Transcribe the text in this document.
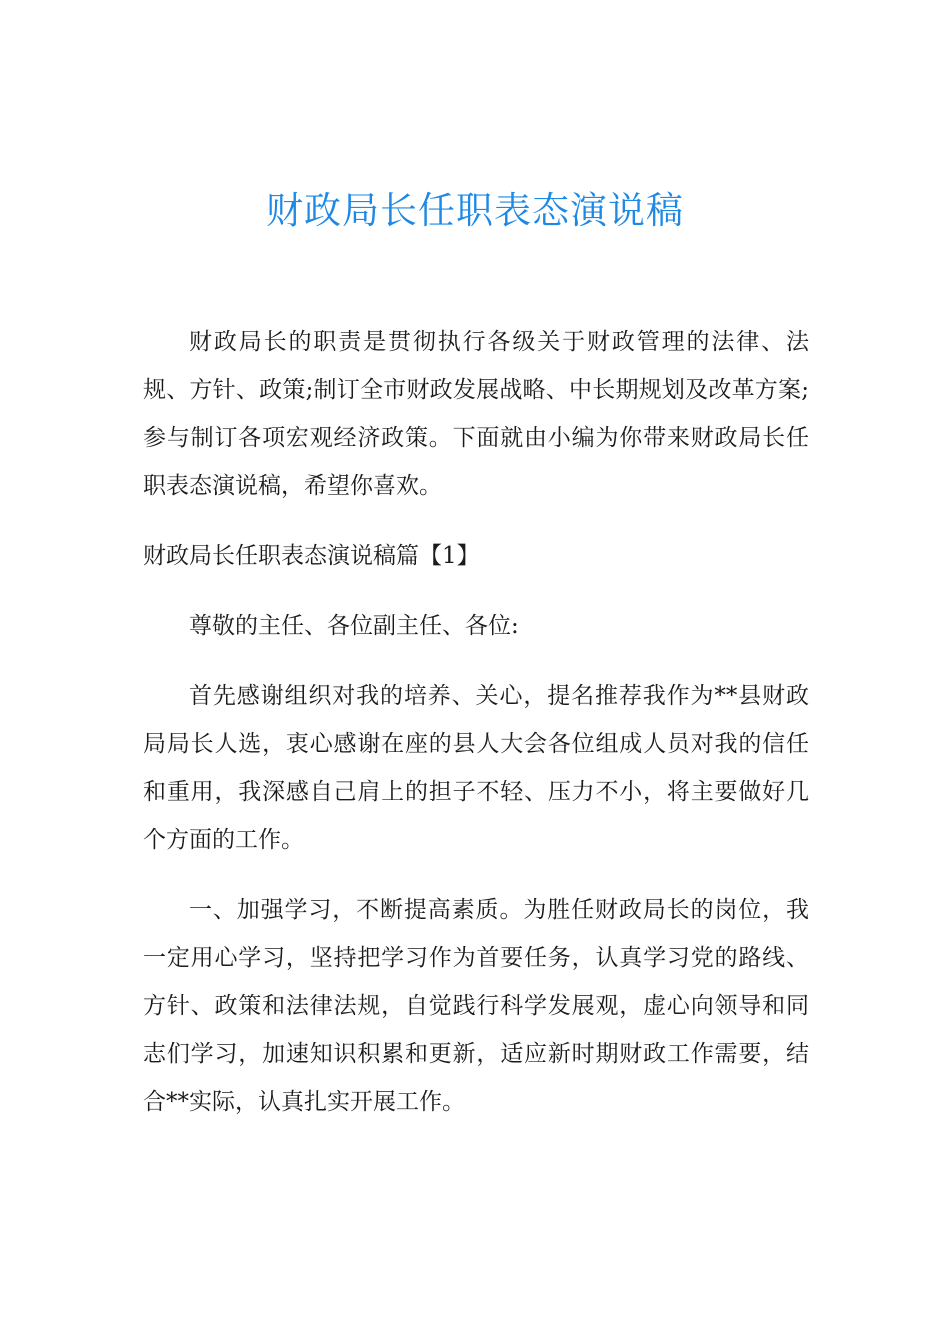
财政局长任职表态演说稿

财政局长的职责是贯彻执行各级关于财政管理的法律、法规、方针、政策;制订全市财政发展战略、中长期规划及改革方案;参与制订各项宏观经济政策。下面就由小编为你带来财政局长任职表态演说稿，希望你喜欢。

财政局长任职表态演说稿篇【1】

尊敬的主任、各位副主任、各位:

首先感谢组织对我的培养、关心，提名推荐我作为**县财政局局长人选，衷心感谢在座的县人大会各位组成人员对我的信任和重用，我深感自己肩上的担子不轻、压力不小，将主要做好几个方面的工作。

一、加强学习，不断提高素质。为胜任财政局长的岗位，我一定用心学习，坚持把学习作为首要任务，认真学习党的路线、方针、政策和法律法规，自觉践行科学发展观，虚心向领导和同志们学习，加速知识积累和更新，适应新时期财政工作需要，结合**实际，认真扎实开展工作。
